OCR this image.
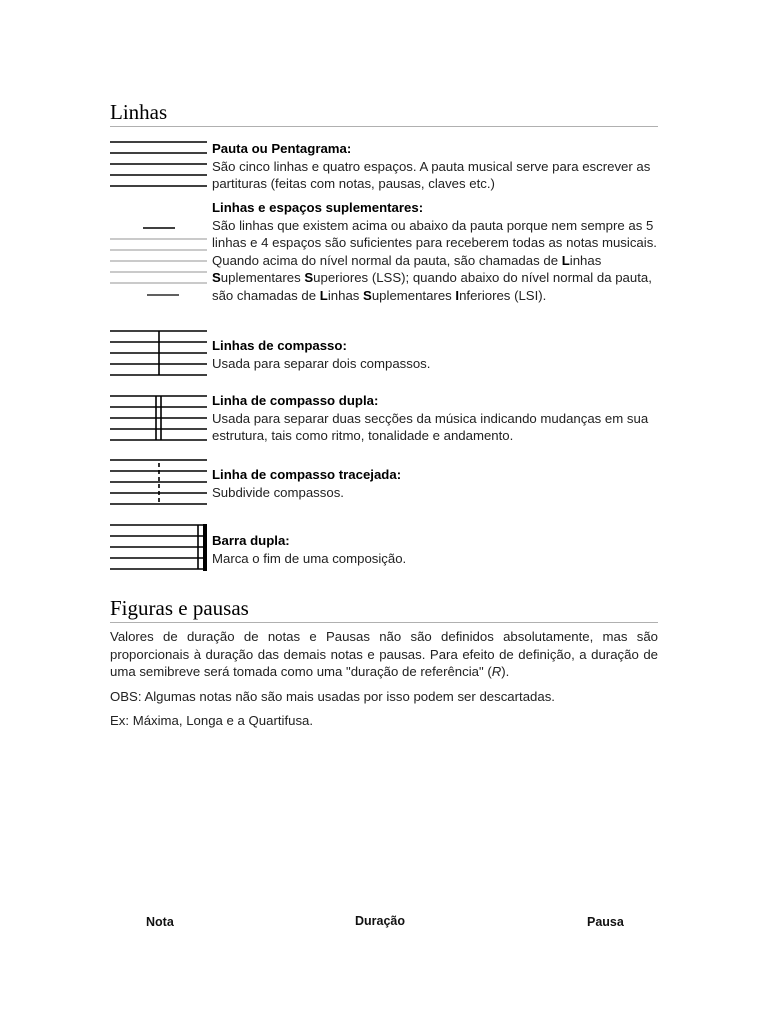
Linhas
Pauta ou Pentagrama:
São cinco linhas e quatro espaços. A pauta musical serve para escrever as partituras (feitas com notas, pausas, claves etc.)
Linhas e espaços suplementares:
São linhas que existem acima ou abaixo da pauta porque nem sempre as 5 linhas e 4 espaços são suficientes para receberem todas as notas musicais. Quando acima do nível normal da pauta, são chamadas de Linhas Suplementares Superiores (LSS); quando abaixo do nível normal da pauta, são chamadas de Linhas Suplementares Inferiores (LSI).
Linhas de compasso:
Usada para separar dois compassos.
Linha de compasso dupla:
Usada para separar duas secções da música indicando mudanças em sua estrutura, tais como ritmo, tonalidade e andamento.
Linha de compasso tracejada:
Subdivide compassos.
Barra dupla:
Marca o fim de uma composição.
Figuras e pausas

Valores de duração de notas e Pausas não são definidos absolutamente, mas são proporcionais à duração das demais notas e pausas. Para efeito de definição, a duração de uma semibreve será tomada como uma "duração de referência" (R).

OBS: Algumas notas não são mais usadas por isso podem ser descartadas.

Ex: Máxima, Longa e a Quartifusa.

Nota	Duração	Pausa
